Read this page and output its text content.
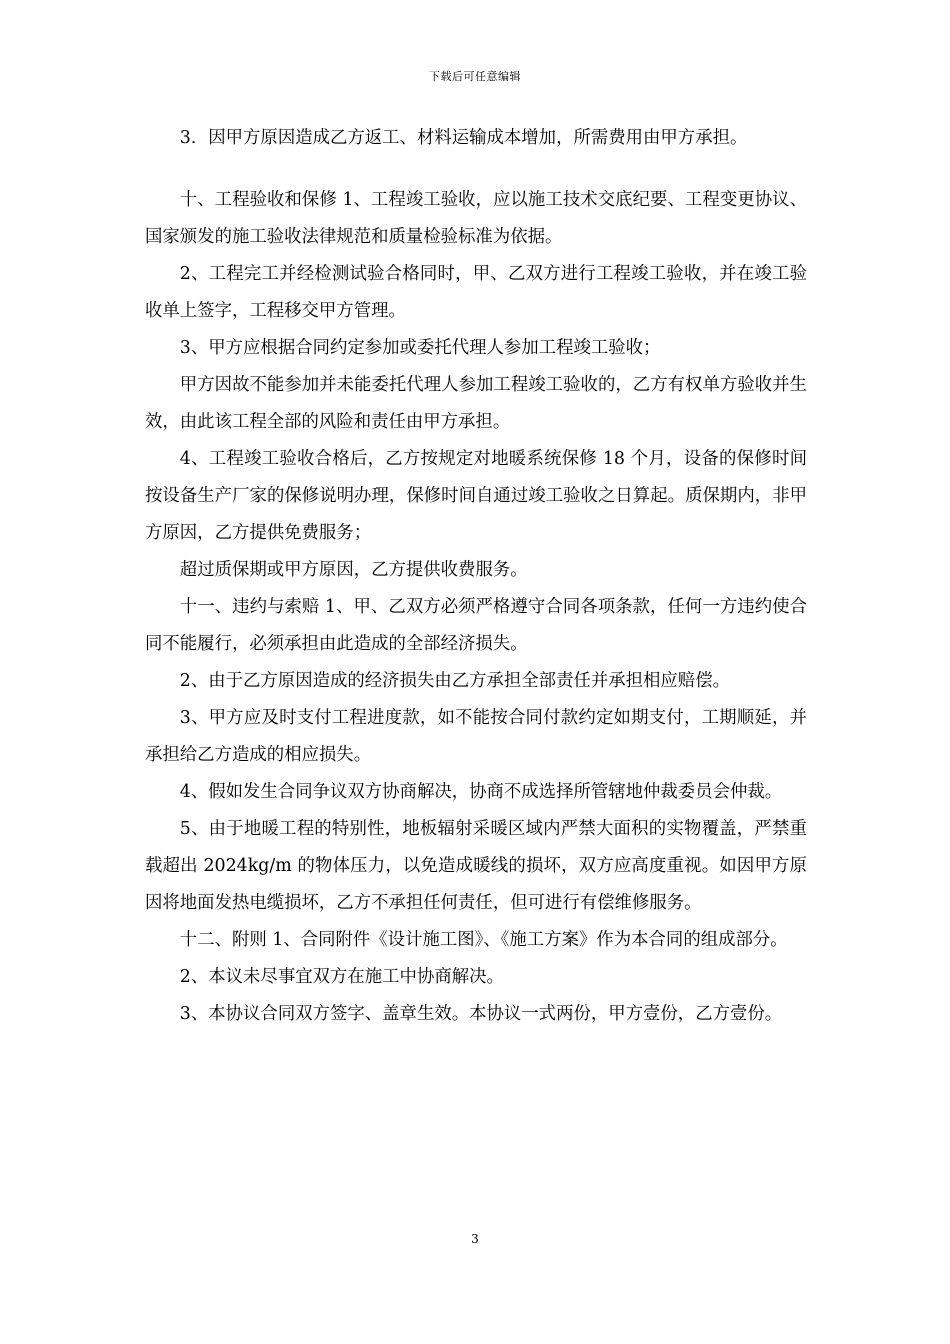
下载后可任意编辑

3．因甲方原因造成乙方返工、材料运输成本增加，所需费用由甲方承担。

十、工程验收和保修 1、工程竣工验收，应以施工技术交底纪要、工程变更协议、国家颁发的施工验收法律规范和质量检验标准为依据。

2、工程完工并经检测试验合格同时，甲、乙双方进行工程竣工验收，并在竣工验收单上签字，工程移交甲方管理。

3、甲方应根据合同约定参加或委托代理人参加工程竣工验收；

甲方因故不能参加并未能委托代理人参加工程竣工验收的，乙方有权单方验收并生效，由此该工程全部的风险和责任由甲方承担。

4、工程竣工验收合格后，乙方按规定对地暖系统保修 18 个月，设备的保修时间按设备生产厂家的保修说明办理，保修时间自通过竣工验收之日算起。质保期内，非甲方原因，乙方提供免费服务；

超过质保期或甲方原因，乙方提供收费服务。

十一、违约与索赔 1、甲、乙双方必须严格遵守合同各项条款，任何一方违约使合同不能履行，必须承担由此造成的全部经济损失。

2、由于乙方原因造成的经济损失由乙方承担全部责任并承担相应赔偿。

3、甲方应及时支付工程进度款，如不能按合同付款约定如期支付，工期顺延，并承担给乙方造成的相应损失。

4、假如发生合同争议双方协商解决，协商不成选择所管辖地仲裁委员会仲裁。

5、由于地暖工程的特别性，地板辐射采暖区域内严禁大面积的实物覆盖，严禁重载超出 2024kg/m 的物体压力，以免造成暖线的损坏，双方应高度重视。如因甲方原因将地面发热电缆损坏，乙方不承担任何责任，但可进行有偿维修服务。

十二、附则 1、合同附件《设计施工图》、《施工方案》作为本合同的组成部分。

2、本议未尽事宜双方在施工中协商解决。

3、本协议合同双方签字、盖章生效。本协议一式两份，甲方壹份，乙方壹份。

3
